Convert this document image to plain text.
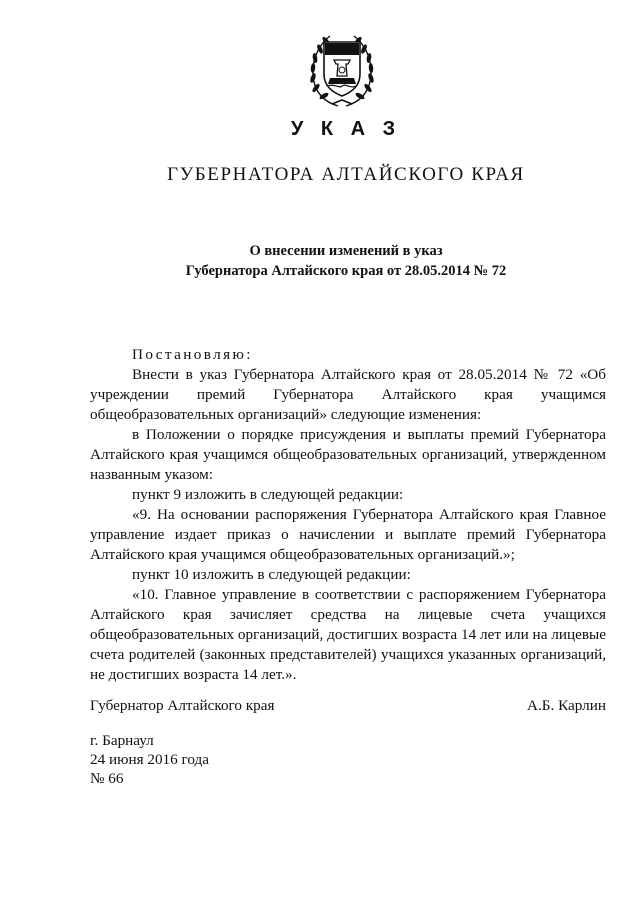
У К А З
ГУБЕРНАТОРА АЛТАЙСКОГО КРАЯ
О внесении изменений в указ
Губернатора Алтайского края от 28.05.2014 № 72
Постановляю:
Внести в указ Губернатора Алтайского края от 28.05.2014 № 72 «Об учреждении премий Губернатора Алтайского края учащимся общеобразовательных организаций» следующие изменения:
в Положении о порядке присуждения и выплаты премий Губернатора Алтайского края учащимся общеобразовательных организаций, утвержденном названным указом:
пункт 9 изложить в следующей редакции:
«9. На основании распоряжения Губернатора Алтайского края Главное управление издает приказ о начислении и выплате премий Губернатора Алтайского края учащимся общеобразовательных организаций.»;
пункт 10 изложить в следующей редакции:
«10. Главное управление в соответствии с распоряжением Губернатора Алтайского края зачисляет средства на лицевые счета учащихся общеобразовательных организаций, достигших возраста 14 лет или на лицевые счета родителей (законных представителей) учащихся указанных организаций, не достигших возраста 14 лет.».
Губернатор Алтайского края	А.Б. Карлин
г. Барнаул
24 июня 2016 года
№ 66
